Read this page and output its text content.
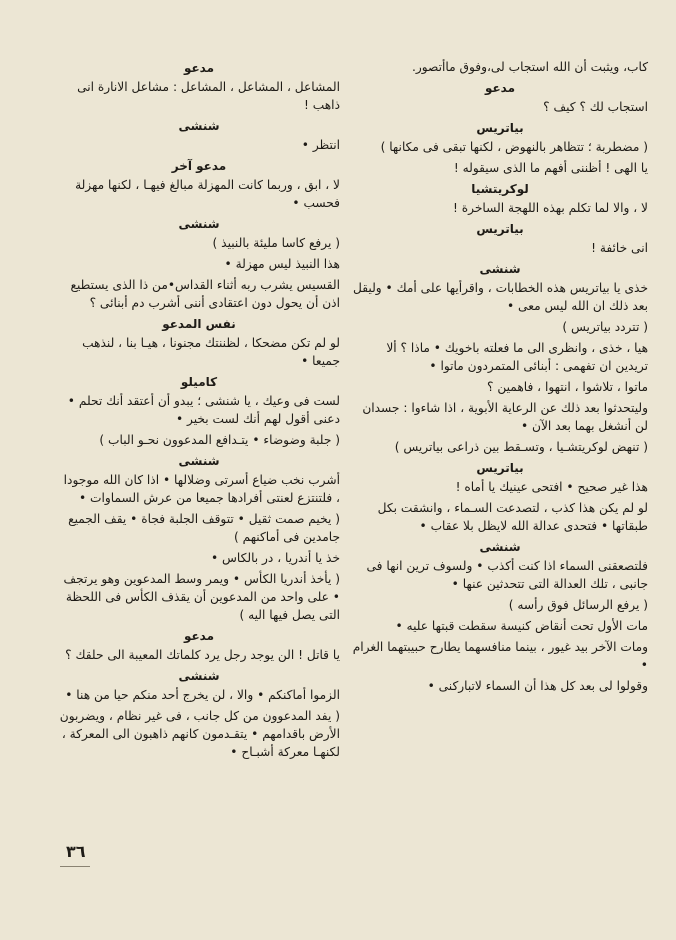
كاب، ويثبت أن الله استجاب لى،وفوق ماأتصور.
مدعو
استجاب لك ؟ كيف ؟
بياتريس
( مضطربة ؛ تتظاهر بالنهوض ، لكنها تبقى فى مكانها )
يا الهى ! أظننى أفهم ما الذى سيقوله !
لوكريتشيا
لا ، والا لما تكلم بهذه اللهجة الساخرة !
بياتريس
انى خائفة !
شنشى
خذى يا بياتريس هذه الخطابات ، واقرأيها على أمك • وليقل بعد ذلك ان الله ليس معى •
( تتردد بياتريس )
هيا ، خذى ، وانظرى الى ما فعلته باخويك • ماذا ؟ ألا تريدين ان تفهمى : أبنائى المتمردون ماتوا •
ماتوا ، تلاشوا ، انتهوا ، فاهمين ؟
وليتحدثوا بعد ذلك عن الرعاية الأبوية ، اذا شاءوا : جسدان لن أنشغل بهما بعد الآن •
( تنهض لوكريتشـيا ، وتسـقط بين ذراعى بياتريس )
بياتريس
هذا غير صحيح • افتحى عينيك يا أماه !
لو لم يكن هذا كذب ، لتصدعت السـماء ، وانشقت بكل طبقاتها • فتحدى عدالة الله لايظل بلا عقاب •
شنشى
فلتصعقنى السماء اذا كنت أكذب • ولسوف ترين انها فى جانبى ، تلك العدالة التى تتحدثين عنها •
( يرفع الرسائل فوق رأسه )
مات الأول تحت أنقاض كنيسة سقطت قبتها عليه •
ومات الآخر بيد غيور ، بينما منافسهما يطارح حبيبتهما الغرام •
وقولوا لى بعد كل هذا أن السماء لاتباركنى •
مدعو
المشاعل ، المشاعل ، المشاعل : مشاعل الانارة انى ذاهب !
شنشى
انتظر •
مدعو آخر
لا ، ابق ، وربما كانت المهزلة مبالغ فيهـا ، لكنها مهزلة فحسب •
شنشى
( يرفع كاسا مليئة بالنبيذ )
هذا النبيذ ليس مهزلة •
القسيس يشرب ربه أثناء القداس•من ذا الذى يستطيع اذن أن يحول دون اعتقادى أننى أشرب دم أبنائى ؟
نفس المدعو
لو لم تكن مضحكا ، لظننتك مجنونا ، هيـا بنا ، لنذهب جميعا •
كاميلو
لست فى وعيك ، يا شنشى ؛ يبدو أن أعتقد أنك تحلم • دعنى أقول لهم أنك لست بخير •
( جلبة وضوضاء • يتـدافع المدعوون نحـو الباب )
شنشى
أشرب نخب ضياع أسرتى وضلالها • اذا كان الله موجودا ، فلتنتزع لعنتى أفرادها جميعا من عرش السماوات •
( يخيم صمت ثقيل • تتوقف الجلبة فجاة • يقف الجميع جامدين فى أماكنهم )
خذ يا أندريا ، در بالكاس •
( يأخذ أندريا الكأس • ويمر وسط المدعوين وهو يرتجف • على واحد من المدعوين أن يقذف الكأس فى اللحظة التى يصل فيها اليه )
مدعو
يا قاتل ! الن يوجد رجل يرد كلماتك المعيبة الى حلقك ؟
شنشى
الزموا أماكنكم • والا ، لن يخرج أحد منكم حيا من هنا •
( يفد المدعوون من كل جانب ، فى غير نظام ، ويضربون الأرض باقدامهم • يتقـدمون كانهم ذاهبون الى المعركة ، لكنهـا معركة أشبـاح •
٣٦
